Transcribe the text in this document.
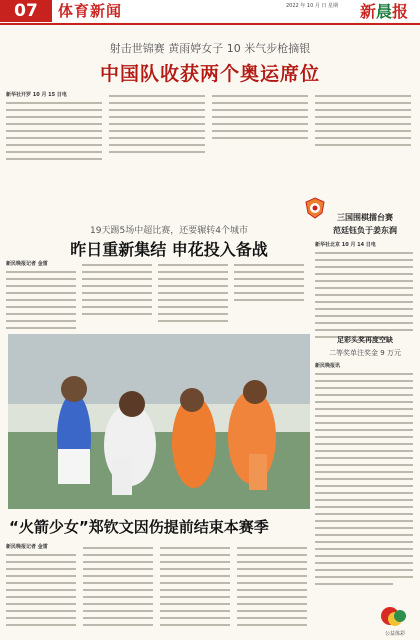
07	体育新闻	2022 年 10 月 日 星期 新晨报
射击世锦赛 黄雨婷女子 10 米气步枪摘银
中国队收获两个奥运席位
新华社开罗 10 月 15 日电
19天踢5场中超比赛，还要辗转4个城市
昨日重新集结 申花投入备战
三国围棋擂台赛
范廷钰负于姜东润
新华社北京 10 月 14 日电
足彩头奖再度空缺
二等奖单注奖金 9 万元
新民晚报记者 金雷
新民晚报讯
“火箭少女”郑钦文因伤提前结束本赛季
新民晚报记者 金雷
公益体彩
